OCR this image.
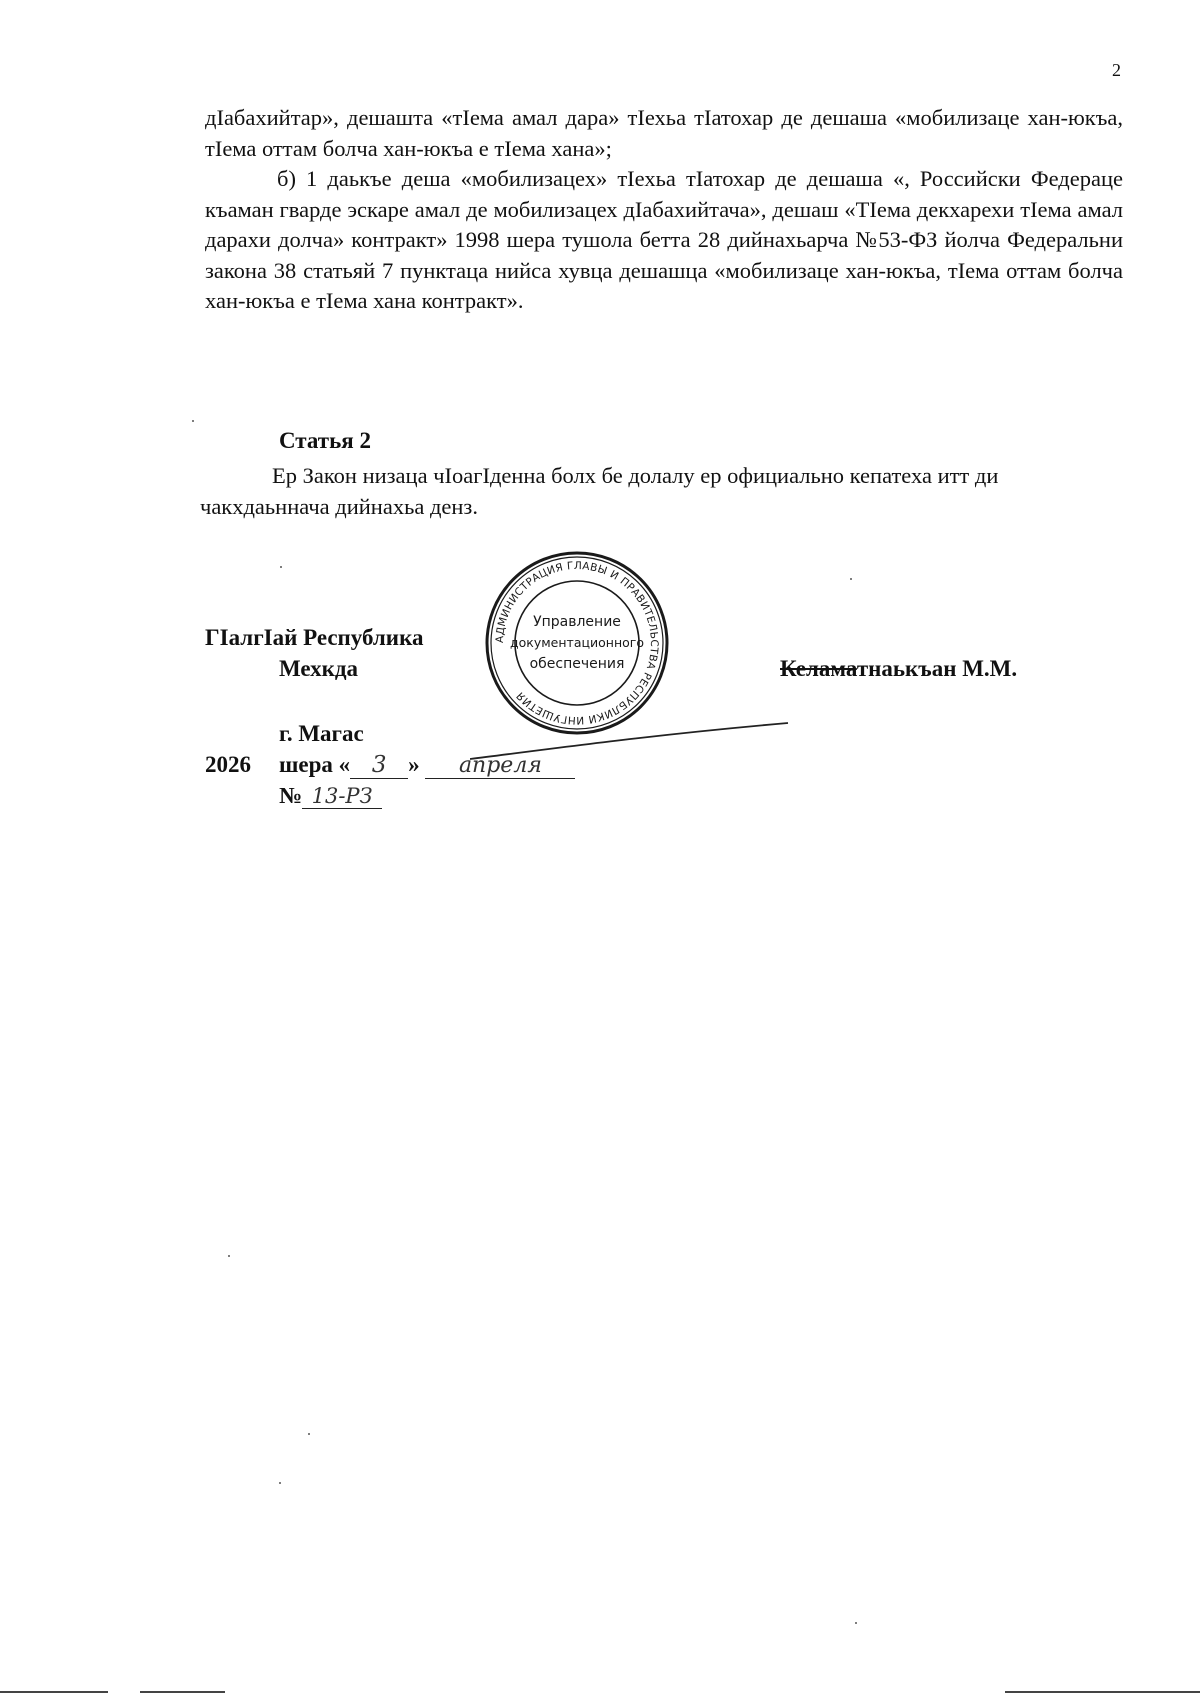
2

дIабахийтар», дешашта «тIема амал дара» тIехьа тIатохар де дешаша «мобилизаце хан-юкъа, тIема оттам болча хан-юкъа е тIема хана»;

б) 1 даькъе деша «мобилизацех» тIехьа тIатохар де дешаша «, Российски Федераце къаман гварде эскаре амал де мобилизацех дIабахийтача», дешаш «ТIема декхарехи тIема амал дарахи долча» контракт» 1998 шера тушола бетта 28 дийнахьарча №53-ФЗ йолча Федеральни закона 38 статьяй 7 пунктаца нийса хувца дешашца «мобилизаце хан-юкъа, тIема оттам болча хан-юкъа е тIема хана контракт».

Статья 2

Ер Закон низаца чIоагIденна болх бе долалу ер официально кепатеха итт ди чакхдаьннача дийнахьа денз.

АДМИНИСТРАЦИЯ ГЛАВЫ И ПРАВИТЕЛЬСТВА РЕСПУБЛИКИ ИНГУШЕТИЯ
Управление
документационного
обеспечения
ГIалгIай Республика
Мехкда	Келаматнаькъан М.М.
г. Магас
2026 шера « 3 » апреля
№ 13-РЗ
